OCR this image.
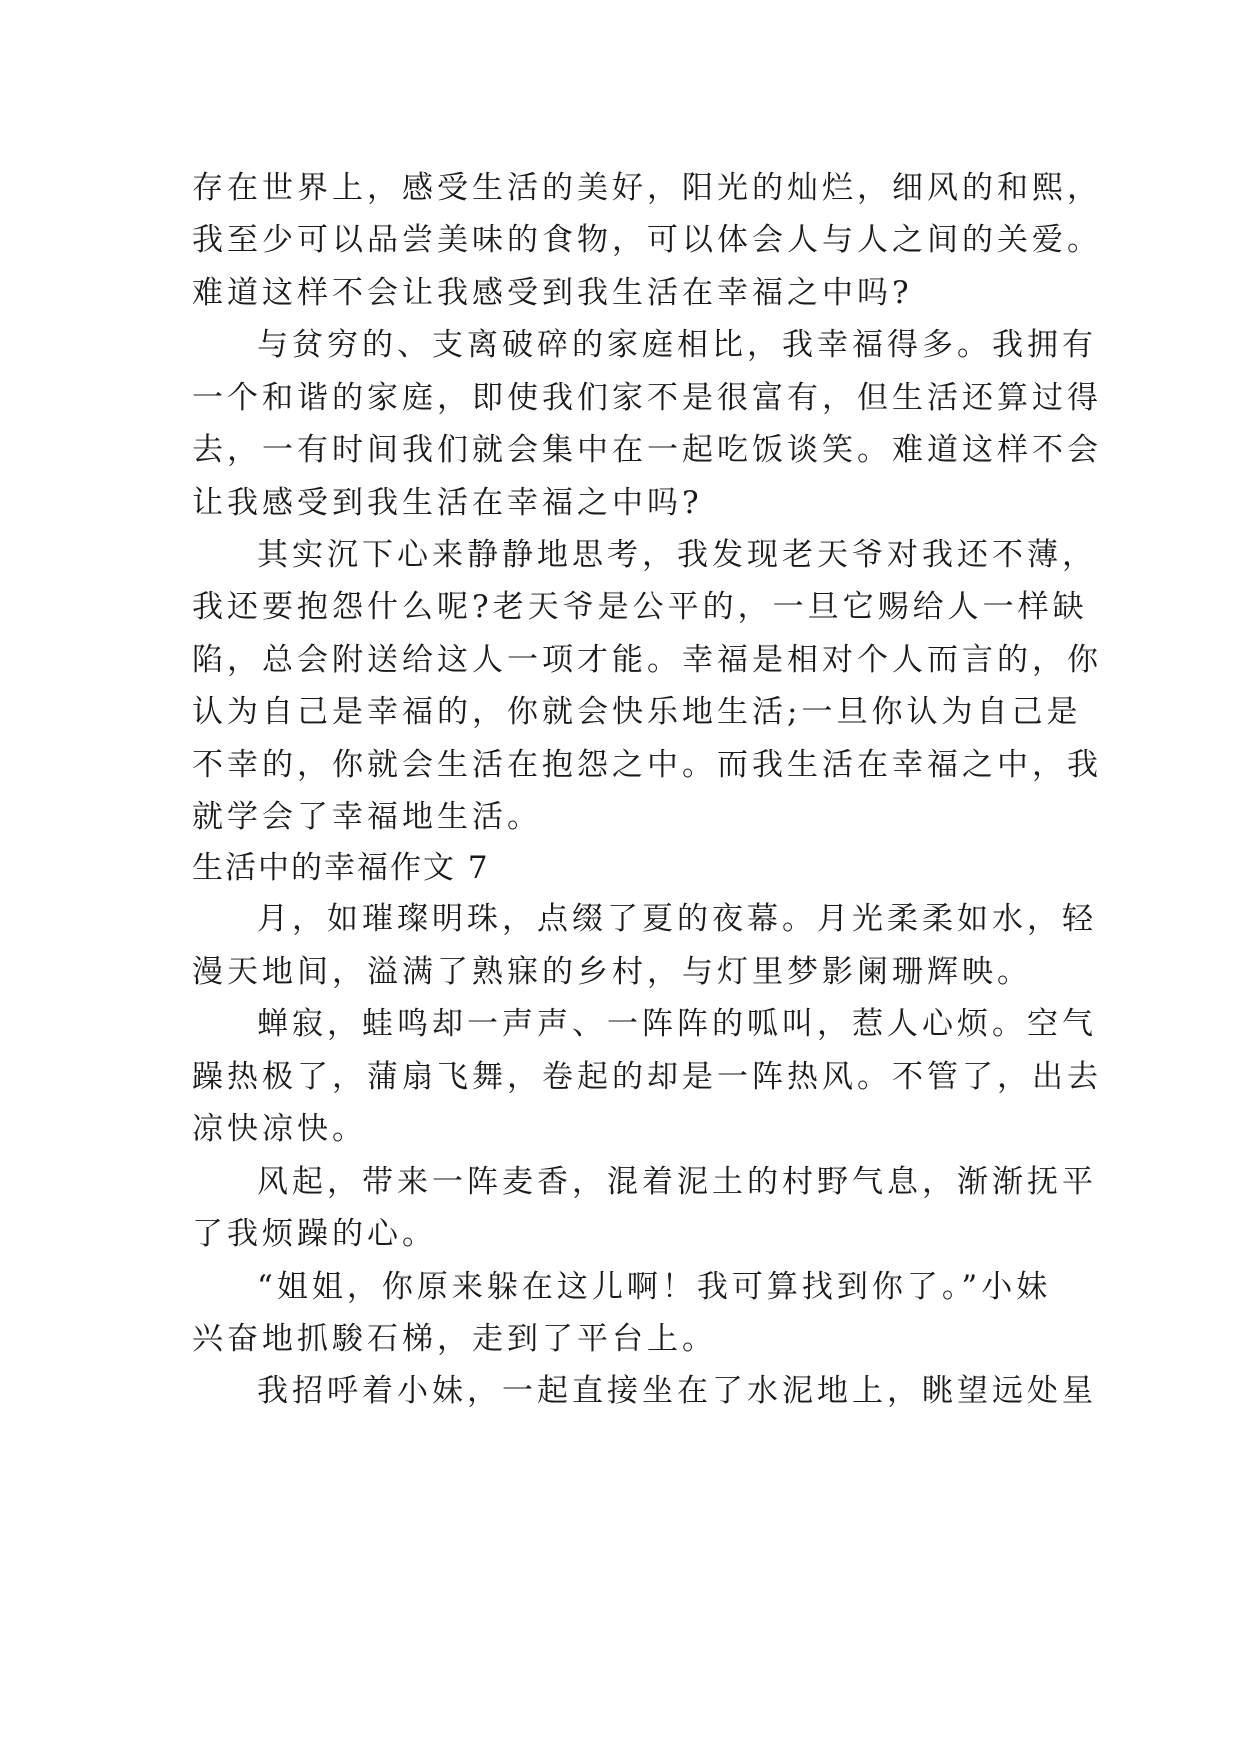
存在世界上，感受生活的美好，阳光的灿烂，细风的和熙，
我至少可以品尝美味的食物，可以体会人与人之间的关爱。
难道这样不会让我感受到我生活在幸福之中吗?
与贫穷的、支离破碎的家庭相比，我幸福得多。我拥有
一个和谐的家庭，即使我们家不是很富有，但生活还算过得
去，一有时间我们就会集中在一起吃饭谈笑。难道这样不会
让我感受到我生活在幸福之中吗?
其实沉下心来静静地思考，我发现老天爷对我还不薄，
我还要抱怨什么呢?老天爷是公平的，一旦它赐给人一样缺
陷，总会附送给这人一项才能。幸福是相对个人而言的，你
认为自己是幸福的，你就会快乐地生活;一旦你认为自己是
不幸的，你就会生活在抱怨之中。而我生活在幸福之中，我
就学会了幸福地生活。
生活中的幸福作文 7
月，如璀璨明珠，点缀了夏的夜幕。月光柔柔如水，轻
漫天地间，溢满了熟寐的乡村，与灯里梦影阑珊辉映。
蝉寂，蛙鸣却一声声、一阵阵的呱叫，惹人心烦。空气
躁热极了，蒲扇飞舞，卷起的却是一阵热风。不管了，出去
凉快凉快。
风起，带来一阵麦香，混着泥土的村野气息，渐渐抚平
了我烦躁的心。
“姐姐，你原来躲在这儿啊！我可算找到你了。”小妹
兴奋地抓駿石梯，走到了平台上。
我招呼着小妹，一起直接坐在了水泥地上，眺望远处星
